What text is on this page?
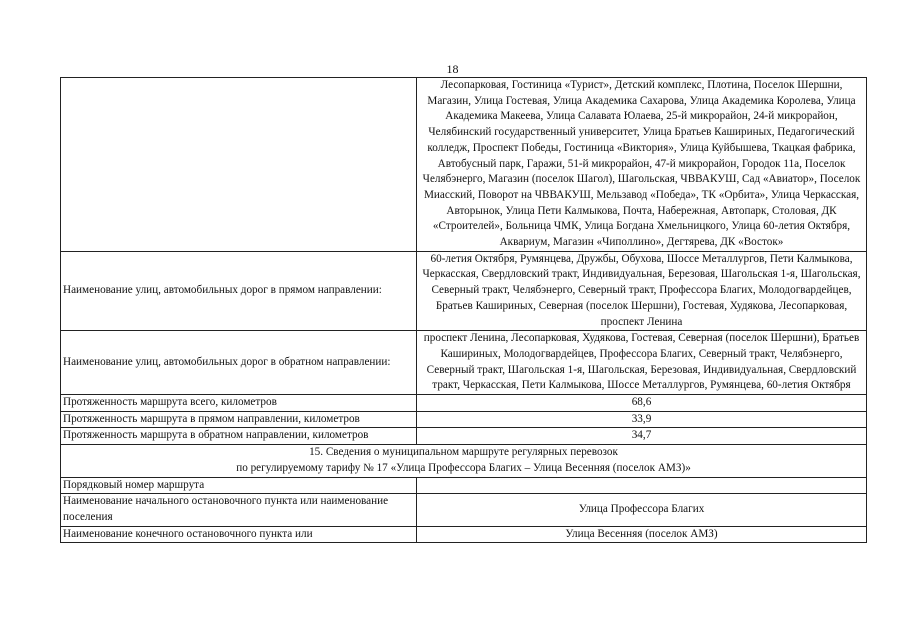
18
	Лесопарковая, Гостиница «Турист», Детский комплекс, Плотина, Поселок Шершни, Магазин, Улица Гостевая, Улица Академика Сахарова, Улица Академика Королева, Улица Академика Макеева, Улица Салавата Юлаева, 25-й микрорайон, 24-й микрорайон, Челябинский государственный университет, Улица Братьев Кашириных, Педагогический колледж, Проспект Победы, Гостиница «Виктория», Улица Куйбышева, Ткацкая фабрика, Автобусный парк, Гаражи, 51-й микрорайон, 47-й микрорайон, Городок 11а, Поселок Челябэнерго, Магазин (поселок Шагол), Шагольская, ЧВВАКУШ, Сад «Авиатор», Поселок Миасский, Поворот на ЧВВАКУШ, Мельзавод «Победа», ТК «Орбита», Улица Черкасская, Авторынок, Улица Пети Калмыкова, Почта, Набережная, Автопарк, Столовая, ДК «Строителей», Больница ЧМК, Улица Богдана Хмельницкого, Улица 60-летия Октября, Аквариум, Магазин «Чиполлино», Дегтярева, ДК «Восток»
Наименование улиц, автомобильных дорог в прямом направлении:	60-летия Октября, Румянцева, Дружбы, Обухова, Шоссе Металлургов, Пети Калмыкова, Черкасская, Свердловский тракт, Индивидуальная, Березовая, Шагольская 1-я, Шагольская, Северный тракт, Челябэнерго, Северный тракт, Профессора Благих, Молодогвардейцев, Братьев Кашириных, Северная (поселок Шершни), Гостевая, Худякова, Лесопарковая, проспект Ленина
Наименование улиц, автомобильных дорог в обратном направлении:	проспект Ленина, Лесопарковая, Худякова, Гостевая, Северная (поселок Шершни), Братьев Кашириных, Молодогвардейцев, Профессора Благих, Северный тракт, Челябэнерго, Северный тракт, Шагольская 1-я, Шагольская, Березовая, Индивидуальная, Свердловский тракт, Черкасская, Пети Калмыкова, Шоссе Металлургов, Румянцева, 60-летия Октября
Протяженность маршрута всего, километров	68,6
Протяженность маршрута в прямом направлении, километров	33,9
Протяженность маршрута в обратном направлении, километров	34,7

15. Сведения о муниципальном маршруте регулярных перевозок
по регулируемому тарифу № 17 «Улица Профессора Благих – Улица Весенняя (поселок АМЗ)»	

Порядковый номер маршрута	
Наименование начального остановочного пункта или наименование поселения	Улица Профессора Благих
Наименование конечного остановочного пункта или	Улица Весенняя (поселок АМЗ)
